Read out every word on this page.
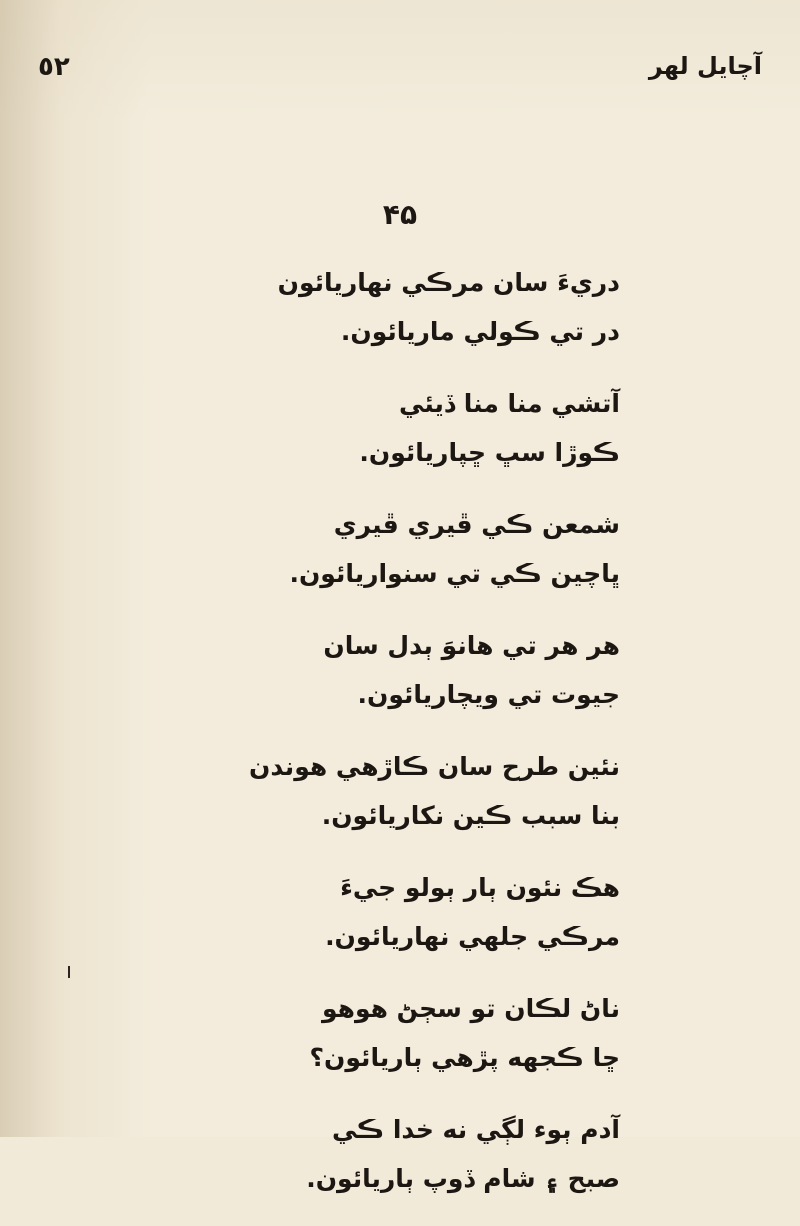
٥٢	آچايل لهر
۴۵
دريءَ سان مرڪي نهاريائون
در تي ڪولي ماريائون.
آتشي منا منا ڏيئي
ڪوڙا سڀ ڇپاريائون.
شمعن ڪي ڦيري ڦيري
ڀاچين ڪي تي سنواريائون.
هر هر تي هانوَ ٻدل سان
جيوت تي ويچاريائون.
نئين طرح سان ڪاڙهي هوندن
بنا سبب ڪين نكاريائون.
هڪ نئون ٻار ٻولو جيءَ
مرڪي جلهي نهاريائون.
ناڻ لڪان تو سڄڻ هوهو
ڇا ڪجهه پڙهي ٻاريائون؟
آدم ٻوء لڳي نه خدا ڪي
صبح ۽ شام ڏوپ ٻاريائون.
